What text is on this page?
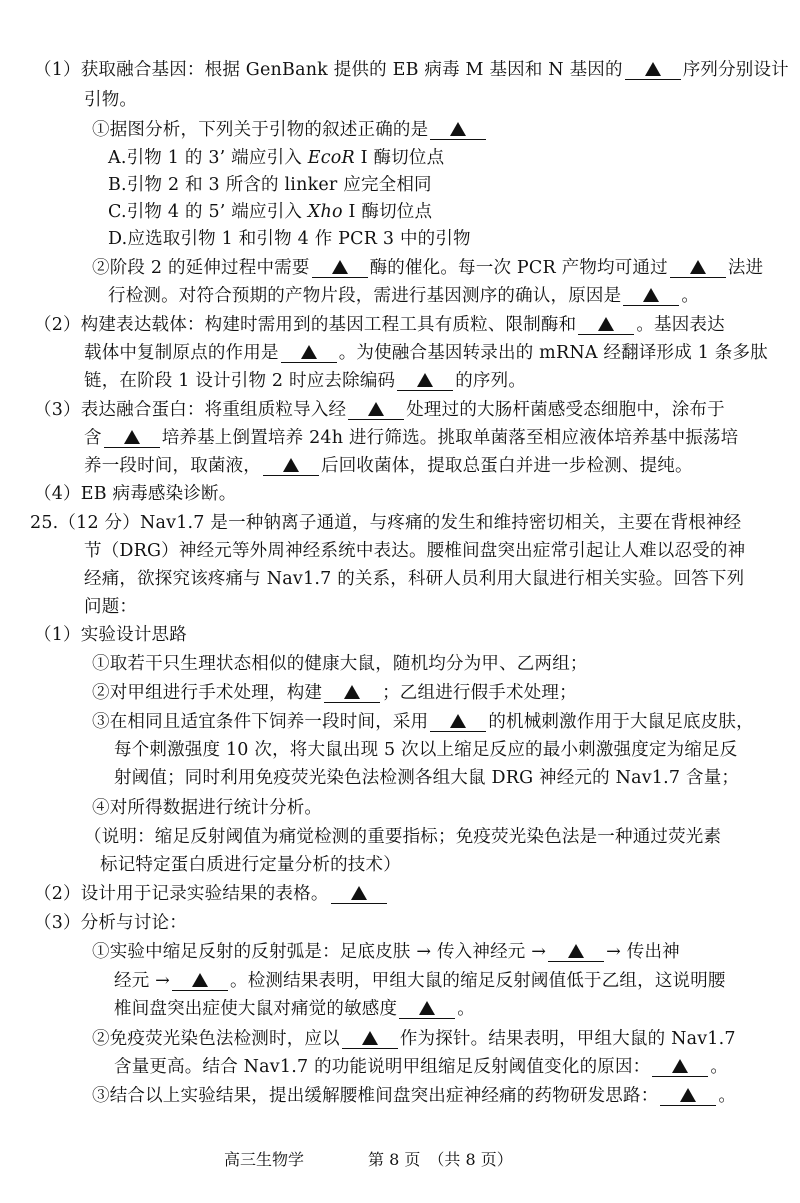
（1）获取融合基因：根据 GenBank 提供的 EB 病毒 M 基因和 N 基因的	序列分别设计
引物。
①据图分析，下列关于引物的叙述正确的是
A.引物 1 的 3’ 端应引入 EcoR Ⅰ 酶切位点
B.引物 2 和 3 所含的 linker 应完全相同
C.引物 4 的 5’ 端应引入 Xho Ⅰ 酶切位点
D.应选取引物 1 和引物 4 作 PCR 3 中的引物
②阶段 2 的延伸过程中需要	酶的催化。每一次 PCR 产物均可通过	法进
行检测。对符合预期的产物片段，需进行基因测序的确认，原因是	。
（2）构建表达载体：构建时需用到的基因工程工具有质粒、限制酶和	。基因表达
载体中复制原点的作用是	。为使融合基因转录出的 mRNA 经翻译形成 1 条多肽
链，在阶段 1 设计引物 2 时应去除编码	的序列。
（3）表达融合蛋白：将重组质粒导入经	处理过的大肠杆菌感受态细胞中，涂布于
含	培养基上倒置培养 24h 进行筛选。挑取单菌落至相应液体培养基中振荡培
养一段时间，取菌液，	后回收菌体，提取总蛋白并进一步检测、提纯。
（4）EB 病毒感染诊断。
25.（12 分）Nav1.7 是一种钠离子通道，与疼痛的发生和维持密切相关，主要在背根神经
节（DRG）神经元等外周神经系统中表达。腰椎间盘突出症常引起让人难以忍受的神
经痛，欲探究该疼痛与 Nav1.7 的关系，科研人员利用大鼠进行相关实验。回答下列
问题：
（1）实验设计思路
①取若干只生理状态相似的健康大鼠，随机均分为甲、乙两组；
②对甲组进行手术处理，构建	；乙组进行假手术处理；
③在相同且适宜条件下饲养一段时间，采用	的机械刺激作用于大鼠足底皮肤，
每个刺激强度 10 次，将大鼠出现 5 次以上缩足反应的最小刺激强度定为缩足反
射阈值；同时利用免疫荧光染色法检测各组大鼠 DRG 神经元的 Nav1.7 含量；
④对所得数据进行统计分析。
（说明：缩足反射阈值为痛觉检测的重要指标；免疫荧光染色法是一种通过荧光素
标记特定蛋白质进行定量分析的技术）
（2）设计用于记录实验结果的表格。
（3）分析与讨论：
①实验中缩足反射的反射弧是：足底皮肤 → 传入神经元 →	→ 传出神
经元 →	。检测结果表明，甲组大鼠的缩足反射阈值低于乙组，这说明腰
椎间盘突出症使大鼠对痛觉的敏感度	。
②免疫荧光染色法检测时，应以	作为探针。结果表明，甲组大鼠的 Nav1.7
含量更高。结合 Nav1.7 的功能说明甲组缩足反射阈值变化的原因：	。
③结合以上实验结果，提出缓解腰椎间盘突出症神经痛的药物研发思路：	。
高三生物学	第 8 页　（共 8 页）
